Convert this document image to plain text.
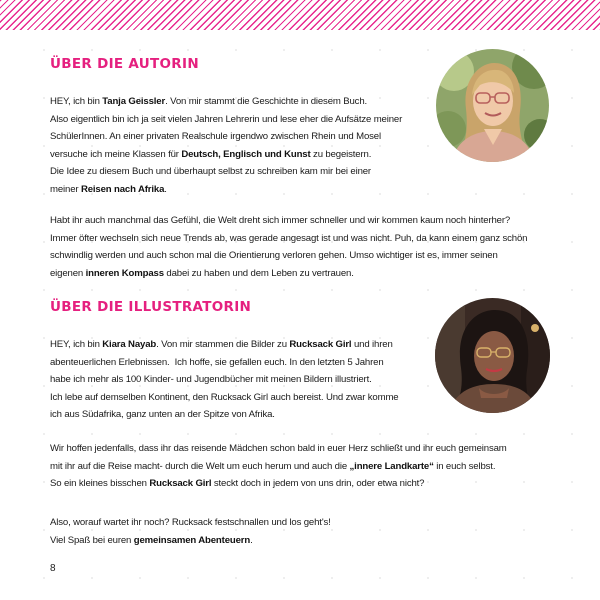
ÜBER DIE AUTORIN

HEY, ich bin Tanja Geissler. Von mir stammt die Geschichte in diesem Buch.
Also eigentlich bin ich ja seit vielen Jahren Lehrerin und lese eher die Aufsätze meiner
SchülerInnen. An einer privaten Realschule irgendwo zwischen Rhein und Mosel
versuche ich meine Klassen für Deutsch, Englisch und Kunst zu begeistern.
Die Idee zu diesem Buch und überhaupt selbst zu schreiben kam mir bei einer
meiner Reisen nach Afrika.

Habt ihr auch manchmal das Gefühl, die Welt dreht sich immer schneller und wir kommen kaum noch hinterher?
Immer öfter wechseln sich neue Trends ab, was gerade angesagt ist und was nicht. Puh, da kann einem ganz schön
schwindlig werden und auch schon mal die Orientierung verloren gehen. Umso wichtiger ist es, immer seinen
eigenen inneren Kompass dabei zu haben und dem Leben zu vertrauen.

ÜBER DIE ILLUSTRATORIN

HEY, ich bin Kiara Nayab. Von mir stammen die Bilder zu Rucksack Girl und ihren
abenteuerlichen Erlebnissen.  Ich hoffe, sie gefallen euch. In den letzten 5 Jahren
habe ich mehr als 100 Kinder- und Jugendbücher mit meinen Bildern illustriert.
Ich lebe auf demselben Kontinent, den Rucksack Girl auch bereist. Und zwar komme
ich aus Südafrika, ganz unten an der Spitze von Afrika.

Wir hoffen jedenfalls, dass ihr das reisende Mädchen schon bald in euer Herz schließt und ihr euch gemeinsam
mit ihr auf die Reise macht- durch die Welt um euch herum und auch die „innere Landkarte“ in euch selbst.
So ein kleines bisschen Rucksack Girl steckt doch in jedem von uns drin, oder etwa nicht?

Also, worauf wartet ihr noch? Rucksack festschnallen und los geht's!
Viel Spaß bei euren gemeinsamen Abenteuern.

8
